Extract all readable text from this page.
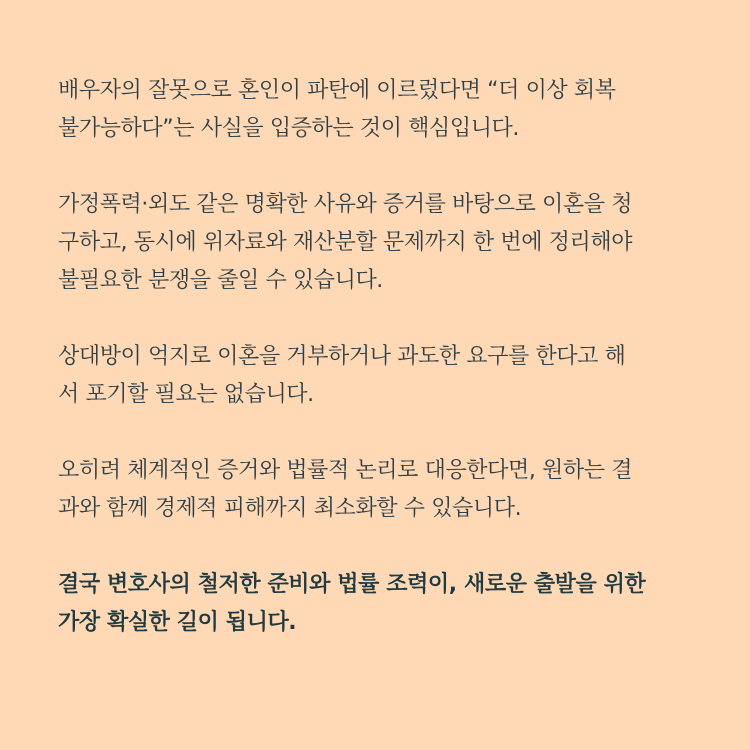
배우자의 잘못으로 혼인이 파탄에 이르렀다면 “더 이상 회복
불가능하다”는 사실을 입증하는 것이 핵심입니다.

가정폭력·외도 같은 명확한 사유와 증거를 바탕으로 이혼을 청
구하고, 동시에 위자료와 재산분할 문제까지 한 번에 정리해야
불필요한 분쟁을 줄일 수 있습니다.

상대방이 억지로 이혼을 거부하거나 과도한 요구를 한다고 해
서 포기할 필요는 없습니다.

오히려 체계적인 증거와 법률적 논리로 대응한다면, 원하는 결
과와 함께 경제적 피해까지 최소화할 수 있습니다.

결국 변호사의 철저한 준비와 법률 조력이, 새로운 출발을 위한
가장 확실한 길이 됩니다.
